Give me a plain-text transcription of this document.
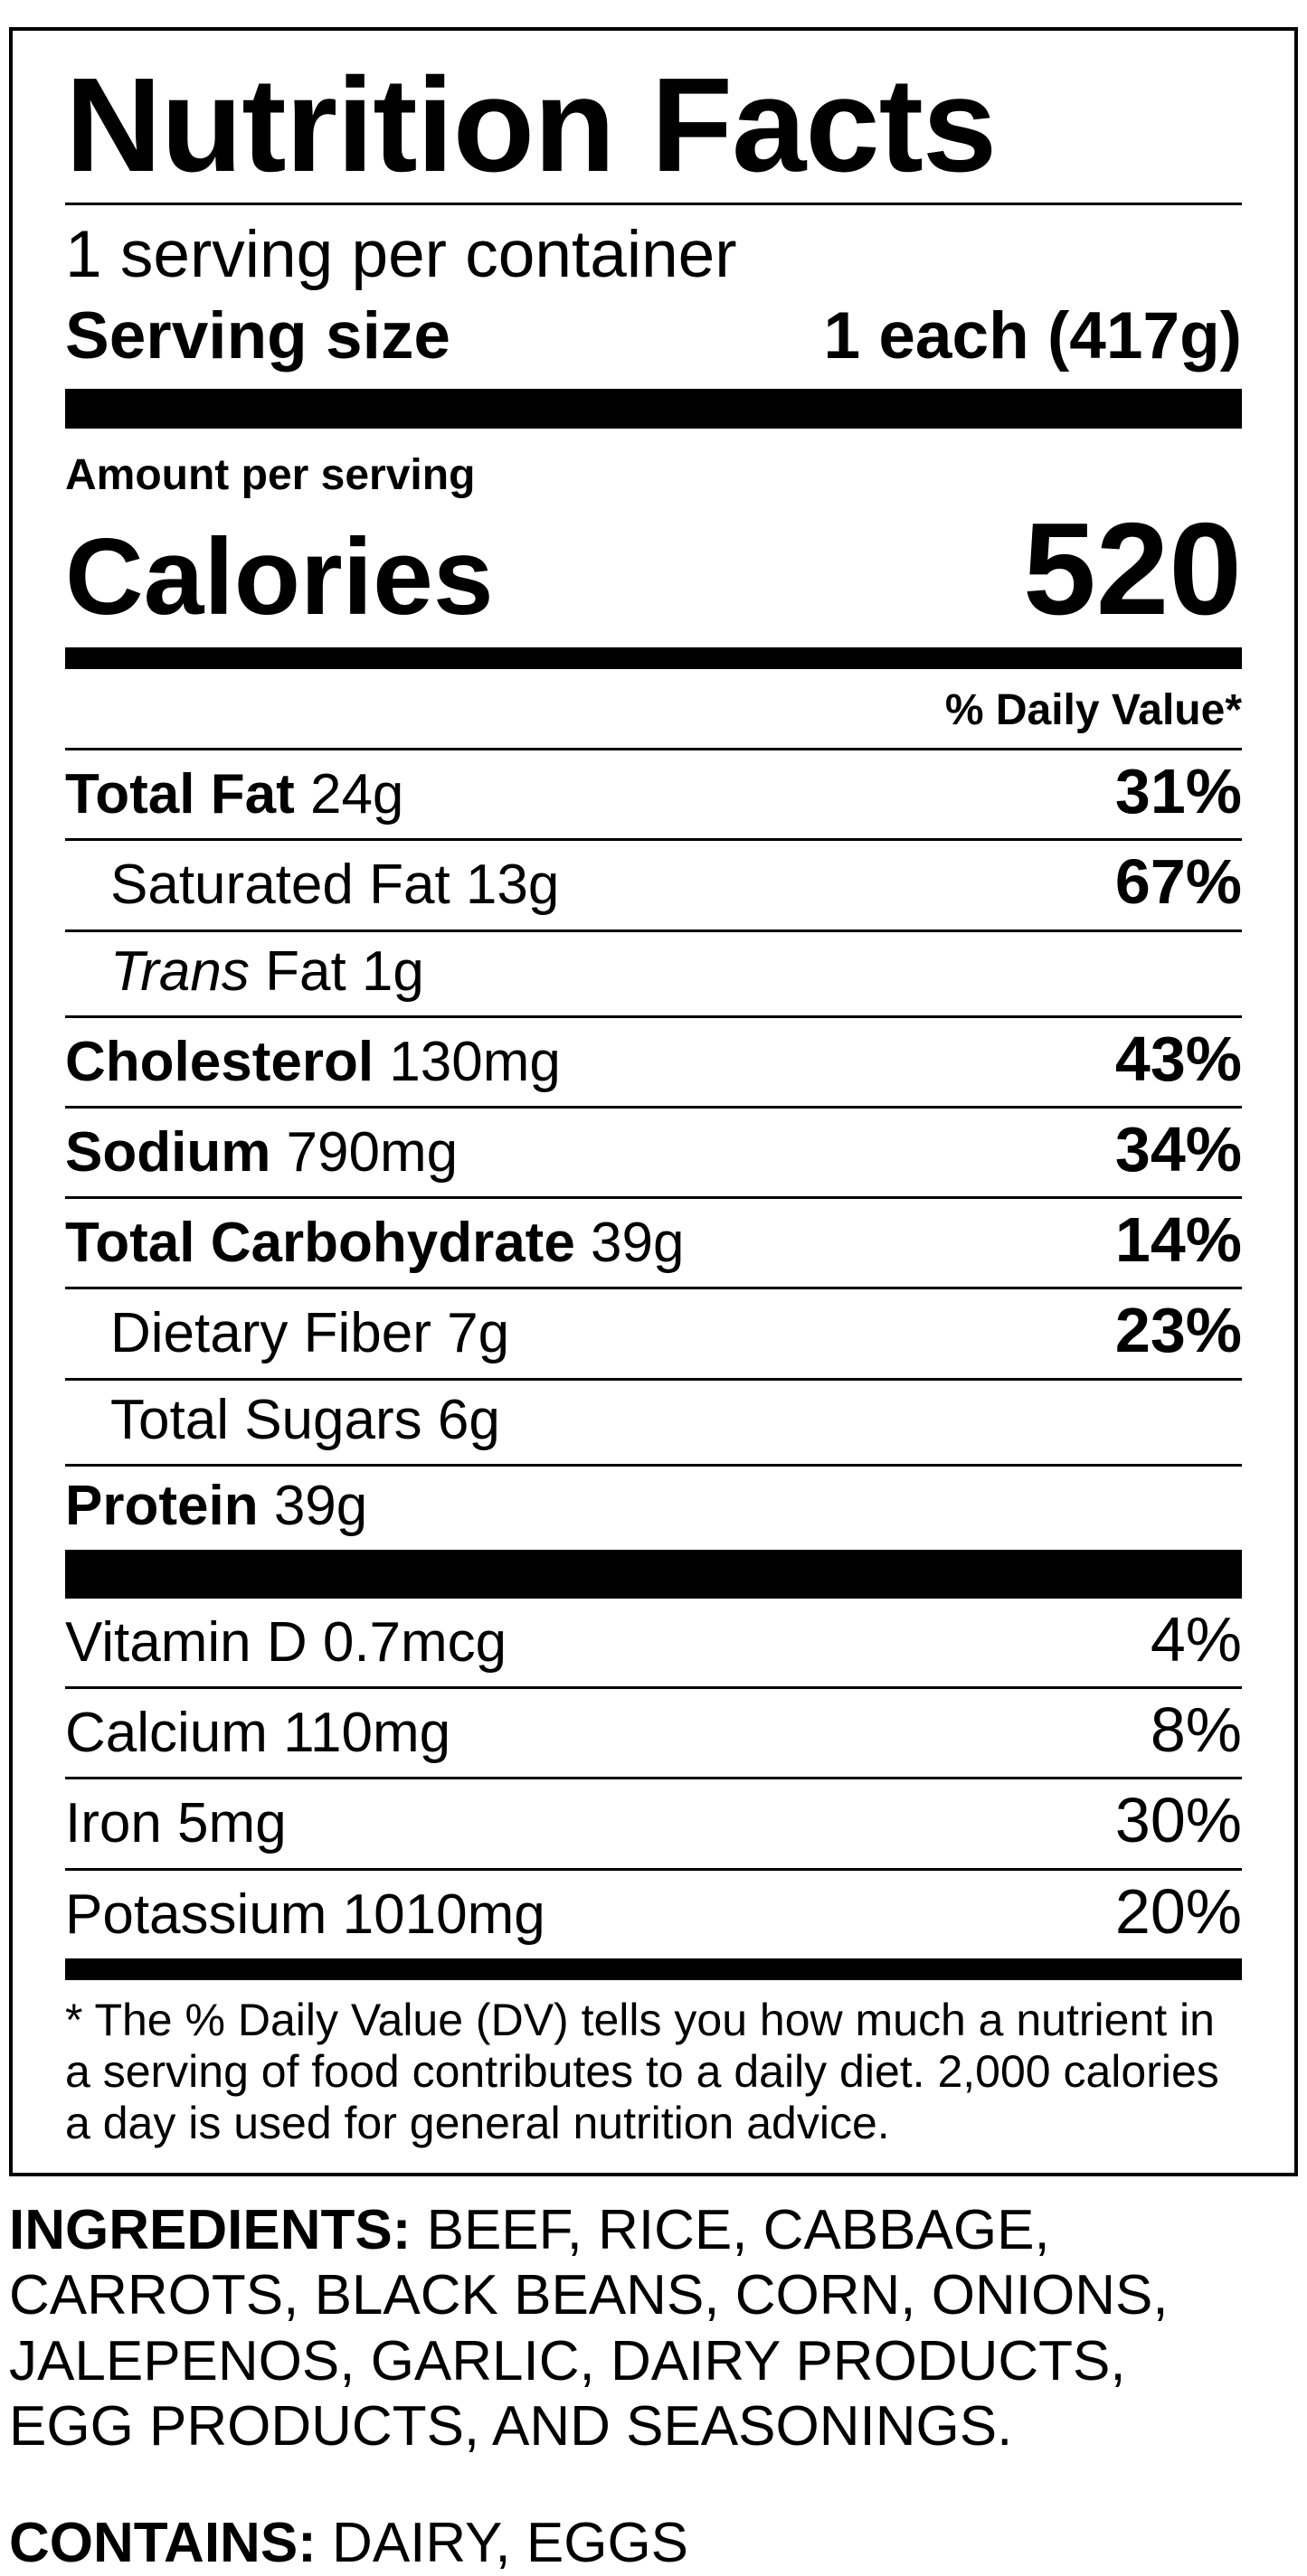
Nutrition Facts
1 serving per container
Serving size	1 each (417g)
Amount per serving
Calories	520
% Daily Value*
Total Fat 24g	31%
Saturated Fat 13g	67%
Trans Fat 1g
Cholesterol 130mg	43%
Sodium 790mg	34%
Total Carbohydrate 39g	14%
Dietary Fiber 7g	23%
Total Sugars 6g
Protein 39g
Vitamin D 0.7mcg	4%
Calcium 110mg	8%
Iron 5mg	30%
Potassium 1010mg	20%
* The % Daily Value (DV) tells you how much a nutrient in
a serving of food contributes to a daily diet. 2,000 calories
a day is used for general nutrition advice.
INGREDIENTS: BEEF, RICE, CABBAGE,
CARROTS, BLACK BEANS, CORN, ONIONS,
JALEPENOS, GARLIC, DAIRY PRODUCTS,
EGG PRODUCTS, AND SEASONINGS.
CONTAINS: DAIRY, EGGS
